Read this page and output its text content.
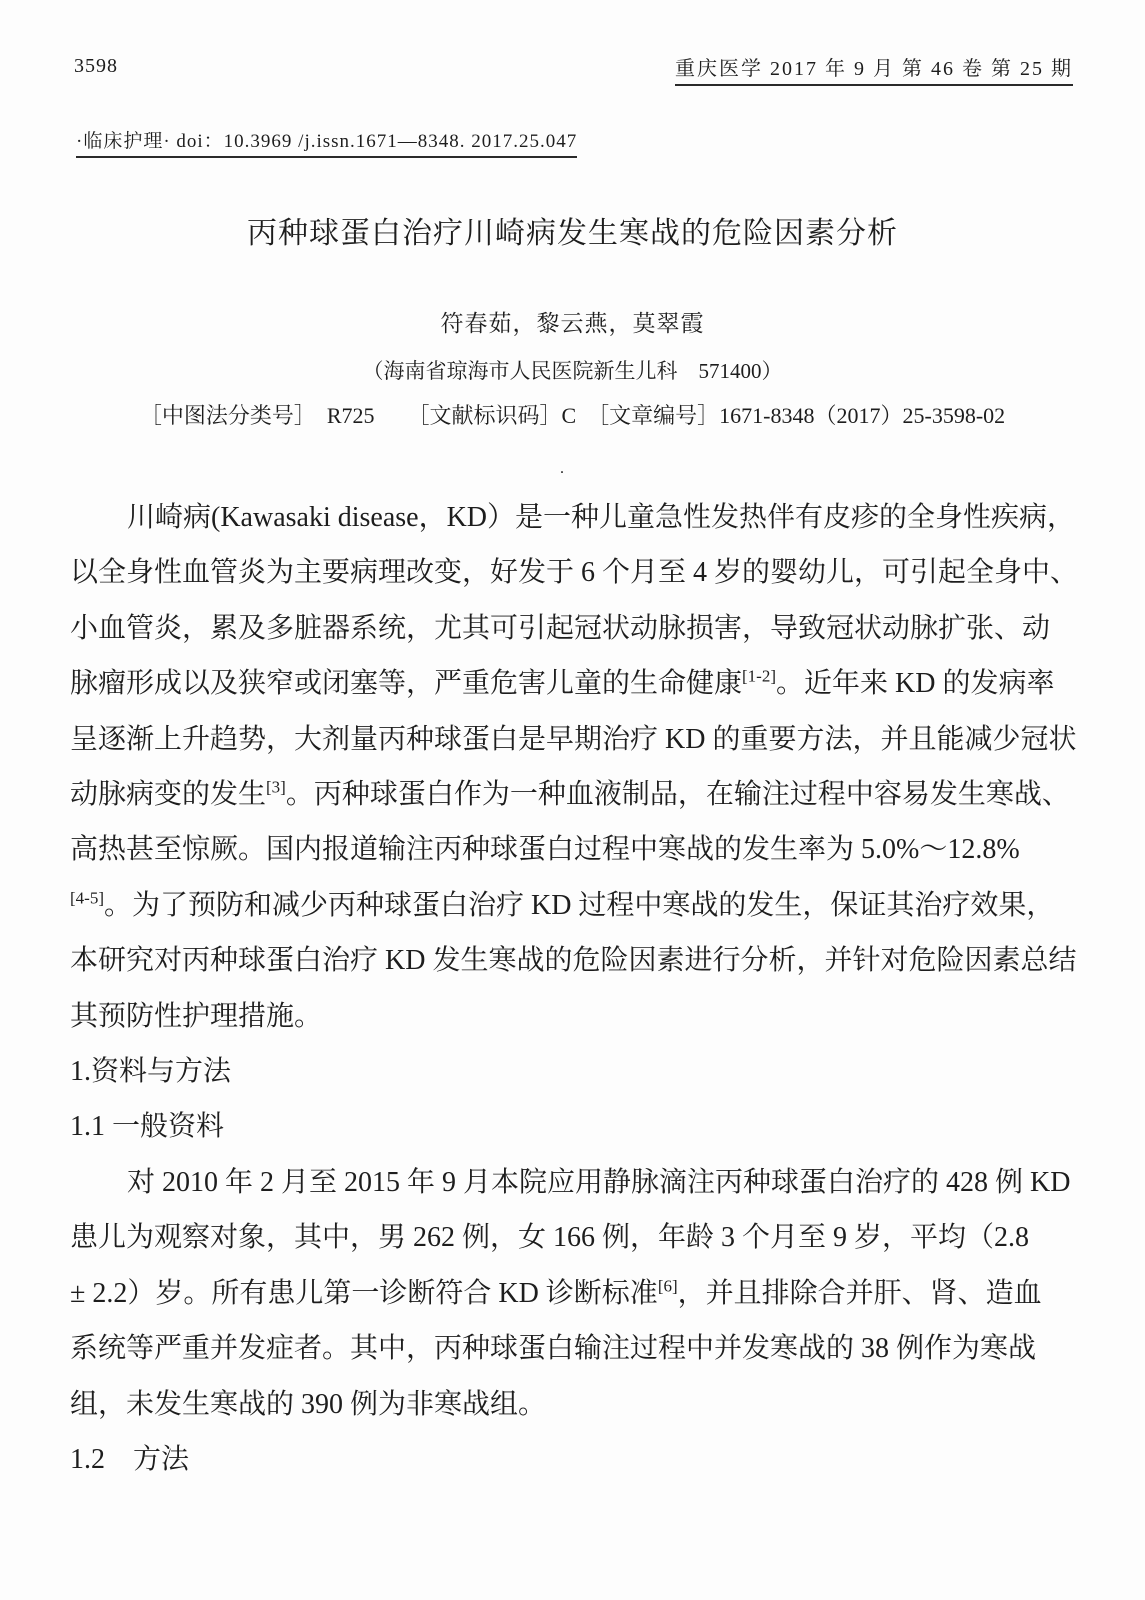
3598	重庆医学 2017 年 9 月 第 46 卷 第 25 期
·临床护理· doi：10.3969 /j.issn.1671—8348. 2017.25.047
丙种球蛋白治疗川崎病发生寒战的危险因素分析
符春茹，黎云燕，莫翠霞
（海南省琼海市人民医院新生儿科　571400）
［中图法分类号］　R725　　［文献标识码］C　［文章编号］1671-8348（2017）25-3598-02
.
川崎病(Kawasaki disease，KD）是一种儿童急性发热伴有皮疹的全身性疾病，
以全身性血管炎为主要病理改变，好发于 6 个月至 4 岁的婴幼儿，可引起全身中、
小血管炎，累及多脏器系统，尤其可引起冠状动脉损害，导致冠状动脉扩张、动
脉瘤形成以及狭窄或闭塞等，严重危害儿童的生命健康[1-2]。近年来 KD 的发病率
呈逐渐上升趋势，大剂量丙种球蛋白是早期治疗 KD 的重要方法，并且能减少冠状
动脉病变的发生[3]。丙种球蛋白作为一种血液制品，在输注过程中容易发生寒战、
高热甚至惊厥。国内报道输注丙种球蛋白过程中寒战的发生率为 5.0%～12.8%
[4-5]。为了预防和减少丙种球蛋白治疗 KD 过程中寒战的发生，保证其治疗效果，
本研究对丙种球蛋白治疗 KD 发生寒战的危险因素进行分析，并针对危险因素总结
其预防性护理措施。
1.资料与方法
1.1 一般资料
对 2010 年 2 月至 2015 年 9 月本院应用静脉滴注丙种球蛋白治疗的 428 例 KD
患儿为观察对象，其中，男 262 例，女 166 例，年龄 3 个月至 9 岁，平均（2.8
± 2.2）岁。所有患儿第一诊断符合 KD 诊断标准[6]，并且排除合并肝、肾、造血
系统等严重并发症者。其中，丙种球蛋白输注过程中并发寒战的 38 例作为寒战
组，未发生寒战的 390 例为非寒战组。
1.2　方法
